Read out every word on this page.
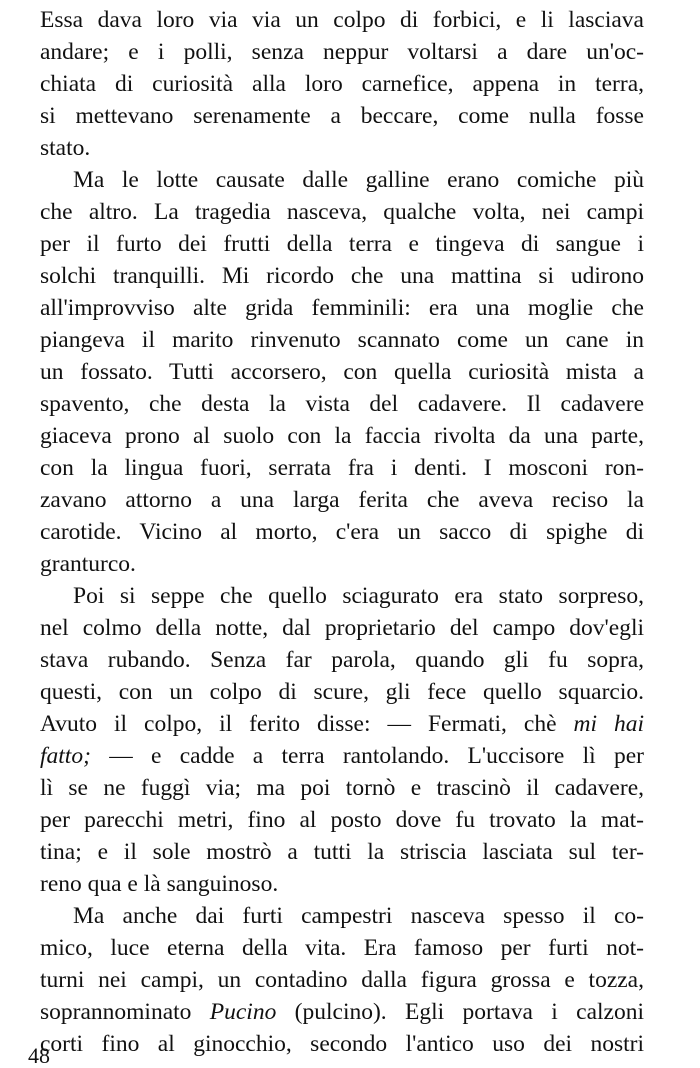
Essa dava loro via via un colpo di forbici, e li lasciava
andare; e i polli, senza neppur voltarsi a dare un'oc-
chiata di curiosità alla loro carnefice, appena in terra,
si mettevano serenamente a beccare, come nulla fosse
stato.
Ma le lotte causate dalle galline erano comiche più
che altro. La tragedia nasceva, qualche volta, nei campi
per il furto dei frutti della terra e tingeva di sangue i
solchi tranquilli. Mi ricordo che una mattina si udirono
all'improvviso alte grida femminili: era una moglie che
piangeva il marito rinvenuto scannato come un cane in
un fossato. Tutti accorsero, con quella curiosità mista a
spavento, che desta la vista del cadavere. Il cadavere
giaceva prono al suolo con la faccia rivolta da una parte,
con la lingua fuori, serrata fra i denti. I mosconi ron-
zavano attorno a una larga ferita che aveva reciso la
carotide. Vicino al morto, c'era un sacco di spighe di
granturco.
Poi si seppe che quello sciagurato era stato sorpreso,
nel colmo della notte, dal proprietario del campo dov'egli
stava rubando. Senza far parola, quando gli fu sopra,
questi, con un colpo di scure, gli fece quello squarcio.
Avuto il colpo, il ferito disse: — Fermati, chè mi hai
fatto; — e cadde a terra rantolando. L'uccisore lì per
lì se ne fuggì via; ma poi tornò e trascinò il cadavere,
per parecchi metri, fino al posto dove fu trovato la mat-
tina; e il sole mostrò a tutti la striscia lasciata sul ter-
reno qua e là sanguinoso.
Ma anche dai furti campestri nasceva spesso il co-
mico, luce eterna della vita. Era famoso per furti not-
turni nei campi, un contadino dalla figura grossa e tozza,
soprannominato Pucino (pulcino). Egli portava i calzoni
corti fino al ginocchio, secondo l'antico uso dei nostri
48
